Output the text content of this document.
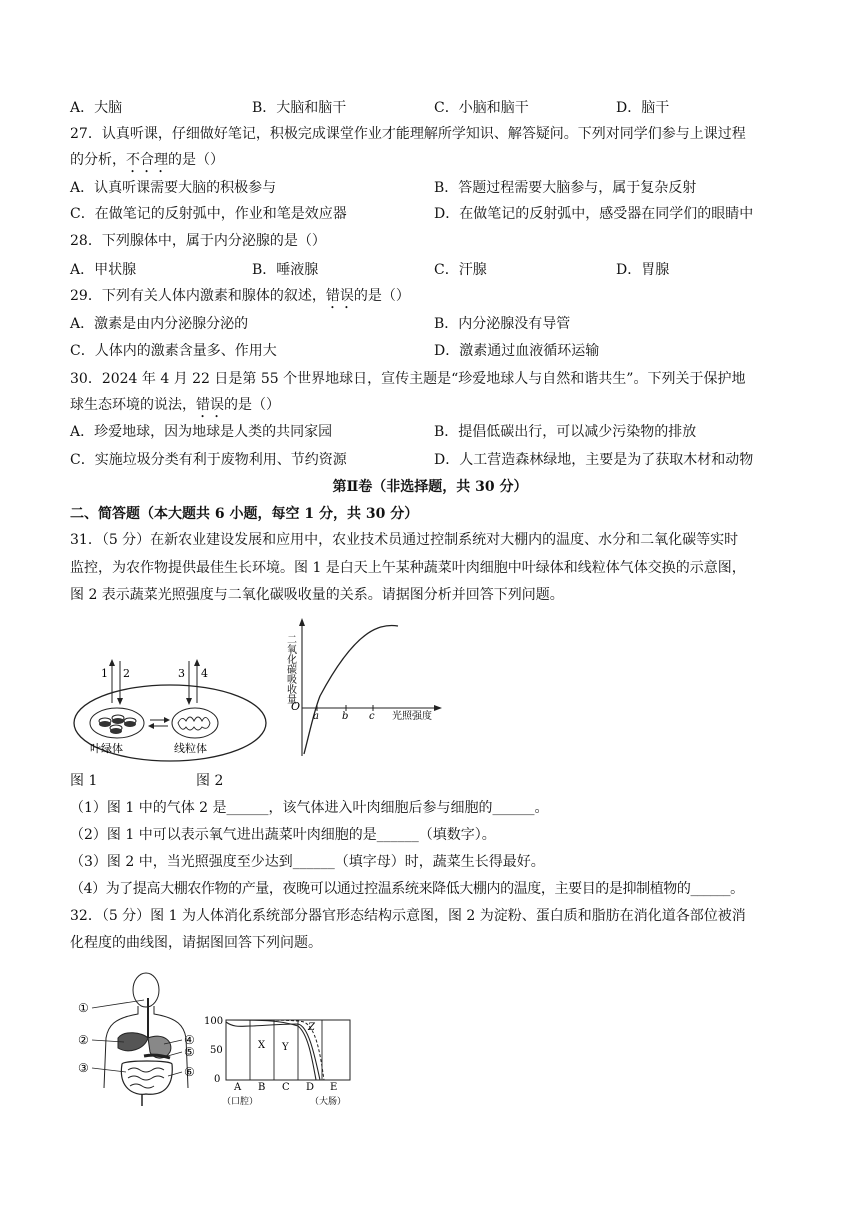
A．大脑	B．大脑和脑干	C．小脑和脑干	D．脑干
27．认真听课，仔细做好笔记，积极完成课堂作业才能理解所学知识、解答疑问。下列对同学们参与上课过程
的分析，不合理的是（）
A．认真听课需要大脑的积极参与	B．答题过程需要大脑参与，属于复杂反射
C．在做笔记的反射弧中，作业和笔是效应器	D．在做笔记的反射弧中，感受器在同学们的眼睛中
28．下列腺体中，属于内分泌腺的是（）
A．甲状腺	B．唾液腺	C．汗腺	D．胃腺
29．下列有关人体内激素和腺体的叙述，错误的是（）
A．激素是由内分泌腺分泌的	B．内分泌腺没有导管
C．人体内的激素含量多、作用大	D．激素通过血液循环运输
30．2024 年 4 月 22 日是第 55 个世界地球日，宣传主题是“珍爱地球人与自然和谐共生”。下列关于保护地
球生态环境的说法，错误的是（）
A．珍爱地球，因为地球是人类的共同家园	B．提倡低碳出行，可以减少污染物的排放
C．实施垃圾分类有利于废物利用、节约资源	D．人工营造森林绿地，主要是为了获取木材和动物
第Ⅱ卷（非选择题，共 30 分）
二、简答题（本大题共 6 小题，每空 1 分，共 30 分）
31．（5 分）在新农业建设发展和应用中，农业技术员通过控制系统对大棚内的温度、水分和二氧化碳等实时
监控，为农作物提供最佳生长环境。图 1 是白天上午某种蔬菜叶肉细胞中叶绿体和线粒体气体交换的示意图，
图 2 表示蔬菜光照强度与二氧化碳吸收量的关系。请据图分析并回答下列问题。
1 2	3 4
叶绿体	线粒体
二氧化碳吸收量
O
a b c 光照强度
图 1	图 2
（1）图 1 中的气体 2 是______，该气体进入叶肉细胞后参与细胞的______。
（2）图 1 中可以表示氧气进出蔬菜叶肉细胞的是______（填数字）。
（3）图 2 中，当光照强度至少达到______（填字母）时，蔬菜生长得最好。
（4）为了提高大棚农作物的产量，夜晚可以通过控温系统来降低大棚内的温度，主要目的是抑制植物的______。
32．（5 分）图 1 为人体消化系统部分器官形态结构示意图，图 2 为淀粉、蛋白质和脂肪在消化道各部位被消
化程度的曲线图，请据图回答下列问题。
①
②
③
④
⑤
⑥
100
50
0
X Y
Z
A B C D E
（口腔）	（大肠）
